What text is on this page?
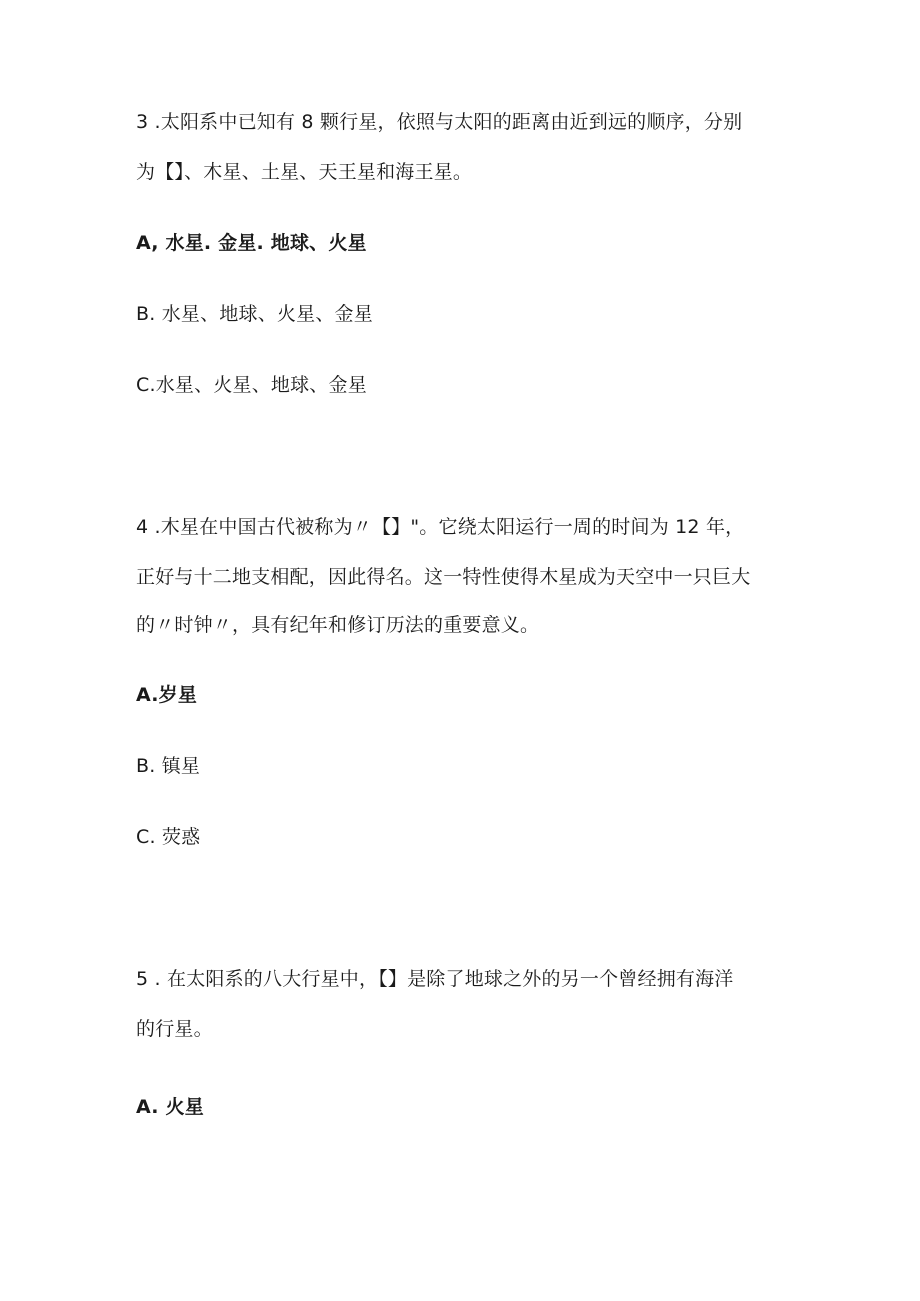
3 .太阳系中已知有 8 颗行星，依照与太阳的距离由近到远的顺序，分别
为【】、木星、土星、天王星和海王星。
A, 水星. 金星. 地球、火星
B. 水星、地球、火星、金星
C.水星、火星、地球、金星
4 .木星在中国古代被称为〃【】"。它绕太阳运行一周的时间为 12 年，
正好与十二地支相配，因此得名。这一特性使得木星成为天空中一只巨大
的〃时钟〃，具有纪年和修订历法的重要意义。
A.岁星
B. 镇星
C. 荧惑
5 . 在太阳系的八大行星中，【】是除了地球之外的另一个曾经拥有海洋
的行星。
A. 火星
